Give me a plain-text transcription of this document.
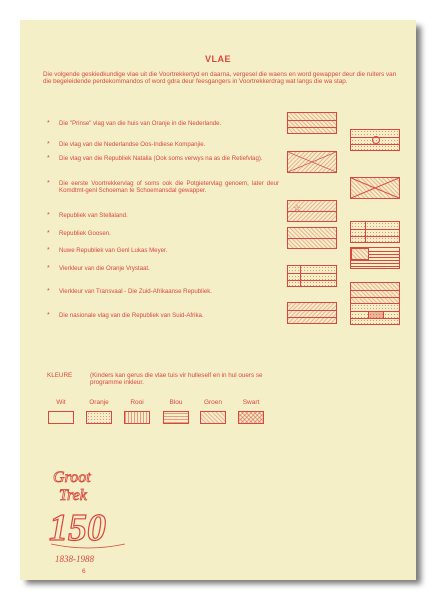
VLAE
Die volgende geskiedkundige vlae uit die Voortrekkertyd en daarna, vergesel die waens en word gewapper deur die ruiters van die begeleidende perdekommandos of word gdra deur feesgangers in Voortrekkerdrag wat langs die wa stap.
* Die "Prinse" vlag van die huis van Oranje in die Nederlande.
* Die vlag van die Nederlandse Oos-Indiese Kompanjie.
* Die vlag van die Republiek Natalia (Ook soms verwys na as die Retiefvlag).
* Die eerste Voortrekkervlag of soms ook die Potgietervlag genoem, later deur Komdtmt-genl Schoeman te Schoemansdal gewapper.
* Republiek van Stellaland.
* Republiek Goosen.
* Nuwe Republiek van Genl Lukas Meyer.
* Vierkleur van die Oranje Vrystaat.
* Vierkleur van Transvaal - Die Zuid-Afrikaanse Republiek.
* Die nasionale vlag van die Republiek van Suid-Afrika.
☆
KLEURE	(Kinders kan gerus die vlae tuis vir hulleself en in hul ouers se programme inkleur.
Wit	Oranje	Rooi	Blou	Groen	Swart
Groot
Trek
150
1838-1988
6
